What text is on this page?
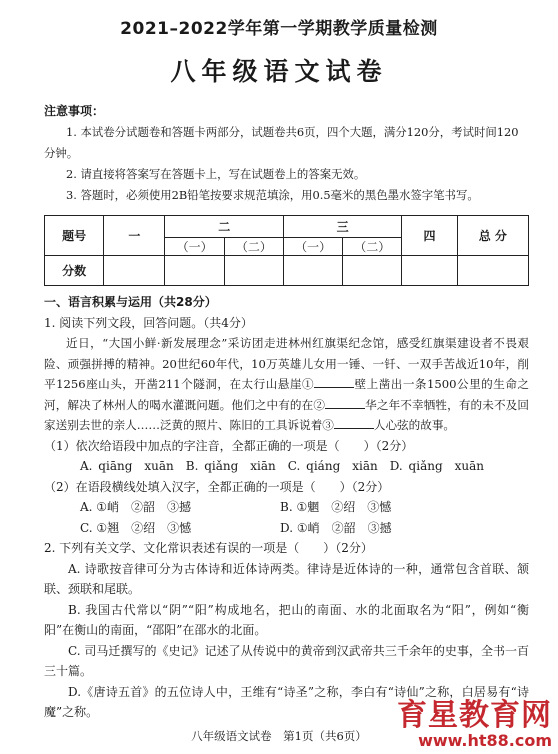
2021–2022学年第一学期教学质量检测
八年级语文试卷
注意事项：

1. 本试卷分试题卷和答题卡两部分，试题卷共6页，四个大题，满分120分，考试时间120分钟。

2. 请直接将答案写在答题卡上，写在试题卷上的答案无效。

3. 答题时，必须使用2B铅笔按要求规范填涂，用0.5毫米的黑色墨水签字笔书写。

题号	一	二		三		四	总 分
		（一）	（二）	（一）	（二）		
分数							

一、语言积累与运用（共28分）

1. 阅读下列文段，回答问题。（共4分）

近日，“大国小鲜·新发展理念”采访团走进林州红旗渠纪念馆，感受红旗渠建设者不畏艰险、顽强拼搏的精神。20世纪60年代，10万英雄儿女用一锤、一钎、一双手苦战近10年，削平1256座山头，开凿211个隧洞，在太行山悬崖①	壁上凿出一条1500公里的生命之河，解决了林州人的喝水灌溉问题。他们之中有的在②	华之年不幸牺牲，有的未不及回家送别去世的亲人……泛黄的照片、陈旧的工具诉说着③	人心弦的故事。

（1）依次给语段中加点的字注音，全都正确的一项是（　　）（2分）

A. qiāng　xuān　B. qiǎng　xiān　C. qiáng　xiān　D. qiǎng　xuān

（2）在语段横线处填入汉字，全都正确的一项是（　　）（2分）

A. ①峭　②韶　③撼	B. ①魍　②绍　③憾
C. ①翘　②绍　③憾	D. ①峭　②韶　③撼

2. 下列有关文学、文化常识表述有误的一项是（　　）（2分）

A. 诗歌按音律可分为古体诗和近体诗两类。律诗是近体诗的一种，通常包含首联、颔联、颈联和尾联。

B. 我国古代常以“阴”“阳”构成地名，把山的南面、水的北面取名为“阳”，例如“衡阳”在衡山的南面，“邵阳”在邵水的北面。

C. 司马迁撰写的《史记》记述了从传说中的黄帝到汉武帝共三千余年的史事，全书一百三十篇。

D.《唐诗五首》的五位诗人中，王维有“诗圣”之称，李白有“诗仙”之称，白居易有“诗魔”之称。

八年级语文试卷　第1页（共6页）
育星教育网
www.ht88.com
